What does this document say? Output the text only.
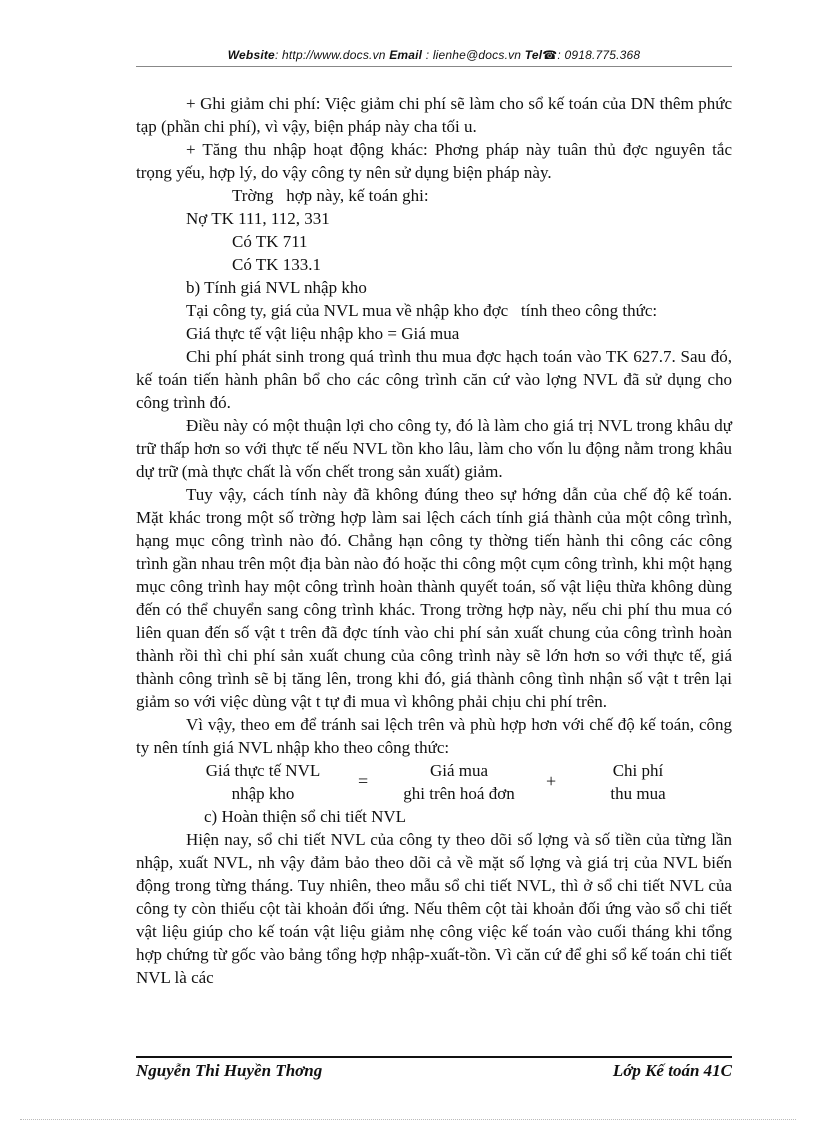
Website: http://www.docs.vn Email : lienhe@docs.vn Tel☎: 0918.775.368

+ Ghi giảm chi phí: Việc giảm chi phí sẽ làm cho sổ kế toán của DN thêm phức tạp (phần chi phí), vì vậy, biện pháp này cha tối u.

+ Tăng thu nhập hoạt động khác: Phơng pháp này tuân thủ đợc nguyên tắc trọng yếu, hợp lý, do vậy công ty nên sử dụng biện pháp này.

Trờng   hợp này, kế toán ghi:

Nợ TK 111, 112, 331

Có TK 711

Có TK 133.1

b) Tính giá NVL nhập kho

Tại công ty, giá của NVL mua về nhập kho đợc   tính theo công thức:

Giá thực tế vật liệu nhập kho = Giá mua

Chi phí phát sinh trong quá trình thu mua đợc hạch toán vào TK 627.7. Sau đó, kế toán tiến hành phân bổ cho các công trình căn cứ vào lợng NVL đã sử dụng cho công trình đó.

Điều này có một thuận lợi cho công ty, đó là làm cho giá trị NVL trong khâu dự trữ thấp hơn so với thực tế nếu NVL tồn kho lâu, làm cho vốn lu động nằm trong khâu dự trữ (mà thực chất là vốn chết trong sản xuất) giảm.

Tuy vậy, cách tính này đã không đúng theo sự hớng dẫn của chế độ kế toán. Mặt khác trong một số trờng hợp làm sai lệch cách tính giá thành của một công trình, hạng mục công trình nào đó. Chẳng hạn công ty thờng tiến hành thi công các công trình gần nhau trên một địa bàn nào đó hoặc thi công một cụm công trình, khi một hạng mục công trình hay một công trình hoàn thành quyết toán, số vật liệu thừa không dùng đến có thể chuyển sang công trình khác. Trong trờng hợp này, nếu chi phí thu mua có liên quan đến số vật t trên đã đợc tính vào chi phí sản xuất chung của công trình hoàn thành rồi thì chi phí sản xuất chung của công trình này sẽ lớn hơn so với thực tế, giá thành công trình sẽ bị tăng lên, trong khi đó, giá thành công tình nhận số vật t trên lại giảm so với việc dùng vật t tự đi mua vì không phải chịu chi phí trên.

Vì vậy, theo em để tránh sai lệch trên và phù hợp hơn với chế độ kế toán, công ty nên tính giá NVL nhập kho theo công thức:

Giá thực tế NVL
nhập kho
=
Giá mua
ghi trên hoá đơn
+
Chi phí
thu mua

c) Hoàn thiện sổ chi tiết NVL

Hiện nay, sổ chi tiết NVL của công ty theo dõi số lợng và số tiền của từng lần nhập, xuất NVL, nh vậy đảm bảo theo dõi cả về mặt số lợng và giá trị của NVL biến động trong từng tháng. Tuy nhiên, theo mẫu sổ chi tiết NVL, thì ở sổ chi tiết NVL của công ty còn thiếu cột tài khoản đối ứng. Nếu thêm cột tài khoản đối ứng vào sổ chi tiết vật liệu giúp cho kế toán vật liệu giảm nhẹ công việc kế toán vào cuối tháng khi tổng hợp chứng từ gốc vào bảng tổng hợp nhập-xuất-tồn. Vì căn cứ để ghi sổ kế toán chi tiết NVL là các

Nguyễn Thi Huyền Thơng	Lớp Kế toán 41C
